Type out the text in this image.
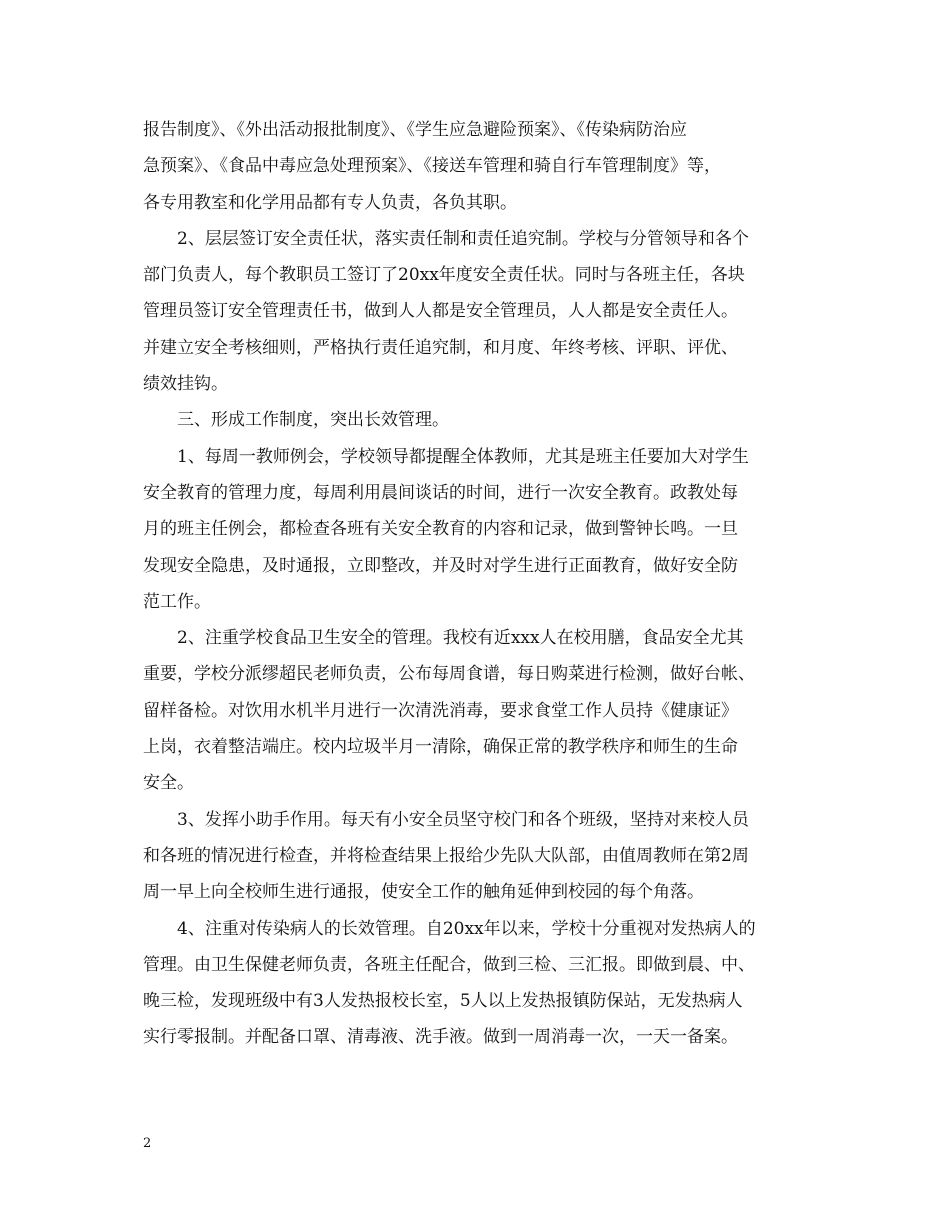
报告制度》、《外出活动报批制度》、《学生应急避险预案》、《传染病防治应
急预案》、《食品中毒应急处理预案》、《接送车管理和骑自行车管理制度》等，
各专用教室和化学用品都有专人负责，各负其职。
2、层层签订安全责任状，落实责任制和责任追究制。学校与分管领导和各个
部门负责人，每个教职员工签订了20xx年度安全责任状。同时与各班主任，各块
管理员签订安全管理责任书，做到人人都是安全管理员，人人都是安全责任人。
并建立安全考核细则，严格执行责任追究制，和月度、年终考核、评职、评优、
绩效挂钩。
三、形成工作制度，突出长效管理。
1、每周一教师例会，学校领导都提醒全体教师，尤其是班主任要加大对学生
安全教育的管理力度，每周利用晨间谈话的时间，进行一次安全教育。政教处每
月的班主任例会，都检查各班有关安全教育的内容和记录，做到警钟长鸣。一旦
发现安全隐患，及时通报，立即整改，并及时对学生进行正面教育，做好安全防
范工作。
2、注重学校食品卫生安全的管理。我校有近xxx人在校用膳，食品安全尤其
重要，学校分派缪超民老师负责，公布每周食谱，每日购菜进行检测，做好台帐、
留样备检。对饮用水机半月进行一次清洗消毒，要求食堂工作人员持《健康证》
上岗，衣着整洁端庄。校内垃圾半月一清除，确保正常的教学秩序和师生的生命
安全。
3、发挥小助手作用。每天有小安全员坚守校门和各个班级，坚持对来校人员
和各班的情况进行检查，并将检查结果上报给少先队大队部，由值周教师在第2周
周一早上向全校师生进行通报，使安全工作的触角延伸到校园的每个角落。
4、注重对传染病人的长效管理。自20xx年以来，学校十分重视对发热病人的
管理。由卫生保健老师负责，各班主任配合，做到三检、三汇报。即做到晨、中、
晚三检，发现班级中有3人发热报校长室，5人以上发热报镇防保站，无发热病人
实行零报制。并配备口罩、清毒液、洗手液。做到一周消毒一次，一天一备案。
2
